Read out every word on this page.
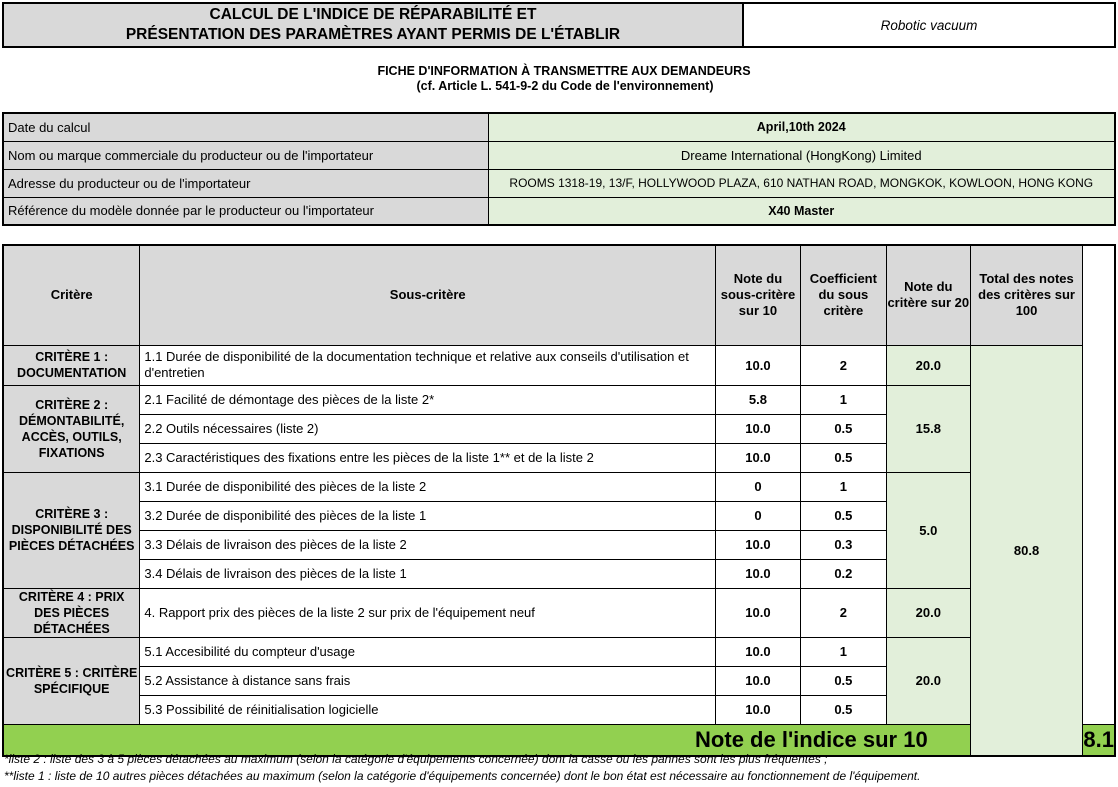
CALCUL DE L'INDICE DE RÉPARABILITÉ ET
PRÉSENTATION DES PARAMÈTRES AYANT PERMIS DE L'ÉTABLIR
Robotic vacuum
FICHE D'INFORMATION À TRANSMETTRE AUX DEMANDEURS
(cf. Article L. 541-9-2 du Code de l'environnement)
Date du calcul	April,10th 2024
Nom ou marque commerciale du producteur ou de l'importateur	Dreame International (HongKong) Limited
Adresse du producteur ou de l'importateur	ROOMS 1318-19, 13/F, HOLLYWOOD PLAZA, 610 NATHAN ROAD, MONGKOK, KOWLOON, HONG KONG
Référence du modèle donnée par le producteur ou l'importateur	X40 Master
Critère	Sous-critère	Note du sous-critère sur 10	Coefficient du sous critère	Note du critère sur 20	Total des notes des critères sur 100	
CRITÈRE 1 : DOCUMENTATION	1.1 Durée de disponibilité de la documentation technique et relative aux conseils d'utilisation et d'entretien	10.0	2	20.0	80.8	
CRITÈRE 2 : DÉMONTABILITÉ, ACCÈS, OUTILS, FIXATIONS	2.1 Facilité de démontage des pièces de la liste 2*	5.8	1	15.8		
	2.2 Outils nécessaires (liste 2)	10.0	0.5			
	2.3 Caractéristiques des fixations entre les pièces de la liste 1** et de la liste 2	10.0	0.5			
CRITÈRE 3 : DISPONIBILITÉ DES PIÈCES DÉTACHÉES	3.1 Durée de disponibilité des pièces de la liste 2	0	1	5.0		
	3.2 Durée de disponibilité des pièces de la liste 1	0	0.5			
	3.3 Délais de livraison des pièces de la liste 2	10.0	0.3			
	3.4 Délais de livraison des pièces de la liste 1	10.0	0.2			
CRITÈRE 4 : PRIX DES PIÈCES DÉTACHÉES	4. Rapport prix des pièces de la liste 2 sur prix de l'équipement neuf	10.0	2	20.0		
CRITÈRE 5 : CRITÈRE SPÉCIFIQUE	5.1 Accesibilité du compteur d'usage	10.0	1	20.0		
	5.2 Assistance à distance sans frais	10.0	0.5			
	5.3 Possibilité de réinitialisation logicielle	10.0	0.5			
Note de l'indice sur 10						8.1
*liste 2 : liste des 3 à 5 pièces détachées au maximum (selon la catégorie d'équipements concernée) dont la casse ou les pannes sont les plus fréquentes ;
**liste 1 : liste de 10 autres pièces détachées au maximum (selon la catégorie d'équipements concernée) dont le bon état est nécessaire au fonctionnement de l'équipement.
